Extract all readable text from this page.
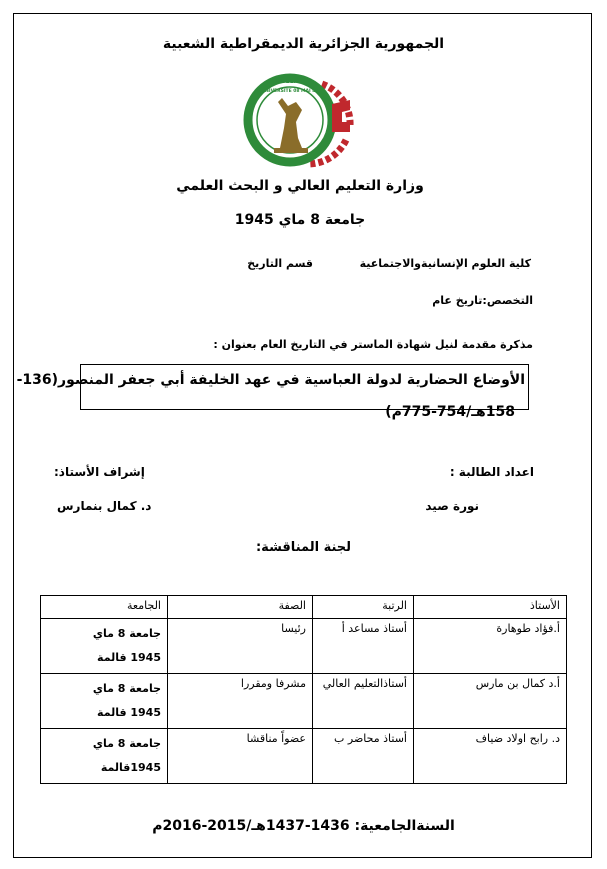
الجمهورية الجزائرية الديمقراطية الشعبية
GUELMA
UNIVERSITE 08 MAI 45
وزارة التعليم العالي و البحث العلمي
جامعة 8 ماي 1945
كلية العلوم الإنسانيةوالاجتماعية
قسم التاريخ
التخصص:تاريخ عام
مذكرة مقدمة لنيل شهادة الماستر في التاريخ العام بعنوان :
الأوضاع الحضارية لدولة العباسية في عهد الخليفة أبي جعفر المنصور(136-
158هـ/754-775م)
اعداد الطالبة :
إشراف الأستاذ:
نورة صيد
د. كمال بنمارس
لجنة المناقشة:
الأستاذ	الرتبة	الصفة	الجامعة
أ.فؤاد طوهارة	أستاذ مساعد أ	رئيسا	جامعة 8 ماي
1945 قالمة

أ.د كمال بن مارس	أستاذالتعليم العالي	مشرفا ومقررا	جامعة 8 ماي
1945 قالمة

د. رابح اولاد ضياف	أستاذ محاضر ب	عضواً مناقشا	جامعة 8 ماي
1945قالمة
السنةالجامعية: 1436-1437هـ/2015-2016م
